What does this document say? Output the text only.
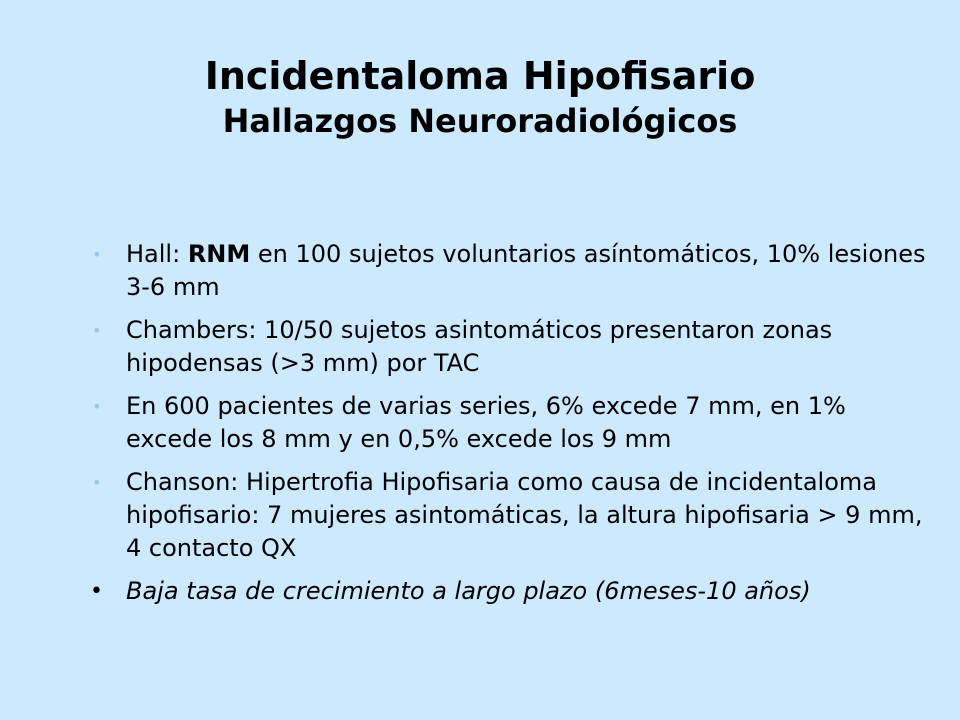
Incidentaloma Hipofisario
Hallazgos Neuroradiológicos
• Hall: RNM en 100 sujetos voluntarios asíntomáticos, 10% lesiones 3-6 mm
• Chambers: 10/50 sujetos asintomáticos presentaron zonas hipodensas (>3 mm) por TAC
• En 600 pacientes de varias series, 6% excede 7 mm, en 1% excede los 8 mm y en 0,5% excede los 9 mm
• Chanson: Hipertrofia Hipofisaria como causa de incidentaloma hipofisario: 7 mujeres asintomáticas, la altura hipofisaria > 9 mm, 4 contacto QX
• Baja tasa de crecimiento a largo plazo (6meses-10 años)
